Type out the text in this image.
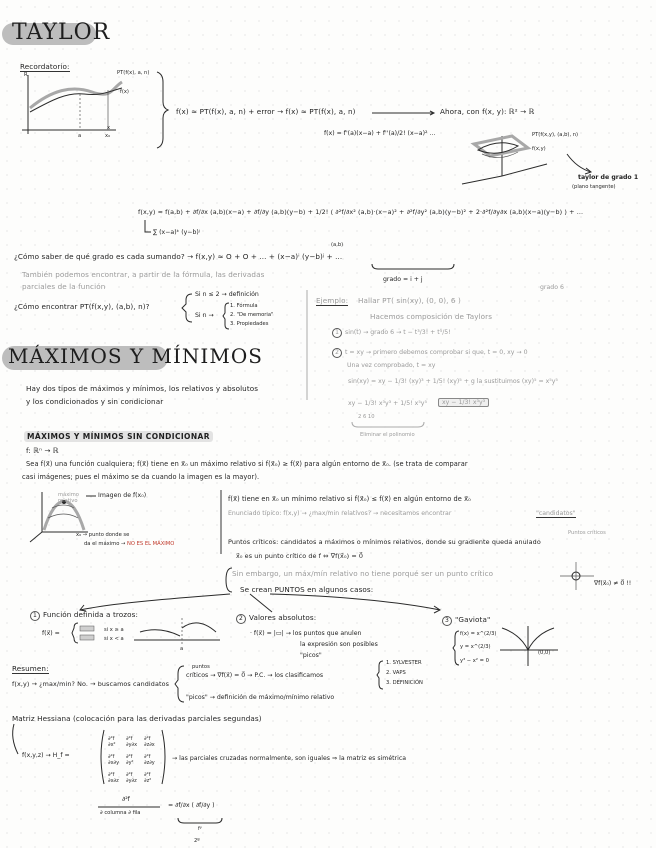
TAYLOR
Recordatorio:
PT(f(x), a, n)
f(x)
a	x₀
x
R
f(x) ≈ PT(f(x), a, n) + error → f(x) ≈ PT(f(x), a, n)	Ahora, con f(x, y): ℝ² → ℝ
f(x) = f'(a)(x−a) + f''(a)/2! (x−a)² ...	PT(f(x,y), (a,b), n)
f(x,y)
taylor de grado 1
(plano tangente)
f(x,y) ≈ f(a,b) + ∂f/∂x (a,b)(x−a) + ∂f/∂y (a,b)(y−b) + 1/2! ( ∂²f/∂x² (a,b)·(x−a)² + ∂²f/∂y² (a,b)(y−b)² + 2·∂²f/∂y∂x (a,b)(x−a)(y−b) ) + ...
∑ (x−a)ᵏ (y−b)ʲ
(a,b)
¿Cómo saber de qué grado es cada sumando? → f(x,y) ≈ O + O + ... + (x−a)ⁱ (y−b)ʲ + ...
grado = i + j
También podemos encontrar, a partir de la fórmula, las derivadas
parciales de la función
¿Cómo encontrar PT(f(x,y), (a,b), n)?
Si n ≤ 2 → definición
Si n →
1. Fórmula
2. "De memoria"
3. Propiedades
Ejemplo: Hallar PT( sin(xy), (0, 0), 6 )
grado 6
Hacemos composición de Taylors
1 sin(t) → grado 6 → t − t³/3! + t⁵/5!
2 t = xy → primero debemos comprobar si que, t = 0, xy → 0
Una vez comprobado, t = xy
sin(xy) = xy − 1/3! (xy)³ + 1/5! (xy)⁵ + g la sustituimos (xy)⁵ = x⁵y⁵
xy − 1/3! x³y³ + 1/5! x⁵y⁵	xy − 1/3! x³y³
2 6 10
Eliminar el polinomio
MÁXIMOS Y MÍNIMOS
Hay dos tipos de máximos y mínimos, los relativos y absolutos
y los condicionados y sin condicionar
MÁXIMOS Y MÍNIMOS SIN CONDICIONAR
f: ℝⁿ → ℝ
Sea f(x⃗) una función cualquiera; f(x⃗) tiene en x⃗₀ un máximo relativo si f(x⃗₀) ≥ f(x⃗) para algún entorno de x⃗₀. (se trata de comparar
casi imágenes; pues el máximo se da cuando la imagen es la mayor).
máximo relativo
Imagen de f(x₀)
x₀ → punto donde se
da el máximo → NO ES EL MÁXIMO
f(x⃗) tiene en x⃗₀ un mínimo relativo si f(x⃗₀) ≤ f(x⃗) en algún entorno de x⃗₀
Enunciado típico: f(x,y) → ¿max/min relativos? → necesitamos encontrar	"candidatos"
Puntos críticos
Puntos críticos: candidatos a máximos o mínimos relativos, donde su gradiente queda anulado
x⃗₀ es un punto crítico de f ⇔ ∇f(x⃗₀) = 0⃗
Sin embargo, un máx/mín relativo no tiene porqué ser un punto crítico
∇f(x⃗₀) ≠ 0⃗ !!
Se crean PUNTOS en algunos casos:
1 Función definida a trozos:
f(x⃗) =	si x ≥ a
si x < a
a
2 Valores absolutos:
· f(x⃗) = |▭| → los puntos que anulen
la expresión son posibles
"picos"
3 "Gaviota"
f(x) = x^(2/3)
y = x^(2/3)
y³ − x² = 0
(0,0)
Resumen:
f(x,y) → ¿max/min? No. → buscamos candidatos
puntos
críticos → ∇f(x⃗) = 0⃗ → P.C. → los clasificamos
1. SYLVESTER
2. VAPS
3. DEFINICIÓN
"picos" → definición de máximo/mínimo relativo
Matriz Hessiana (colocación para las derivadas parciales segundas)
f(x,y,z) → H_f =
∂²f ∂²f ∂²f
∂x² ∂y∂x ∂z∂x
∂²f ∂²f ∂²f
∂x∂y ∂y² ∂z∂y
∂²f ∂²f ∂²f
∂x∂z ∂y∂z ∂z²
→ las parciales cruzadas normalmente, son iguales ⇒ la matriz es simétrica
∂²f
∂ columna ∂ fila
= ∂f/∂x ( ∂f/∂y )
fʸ
2º
